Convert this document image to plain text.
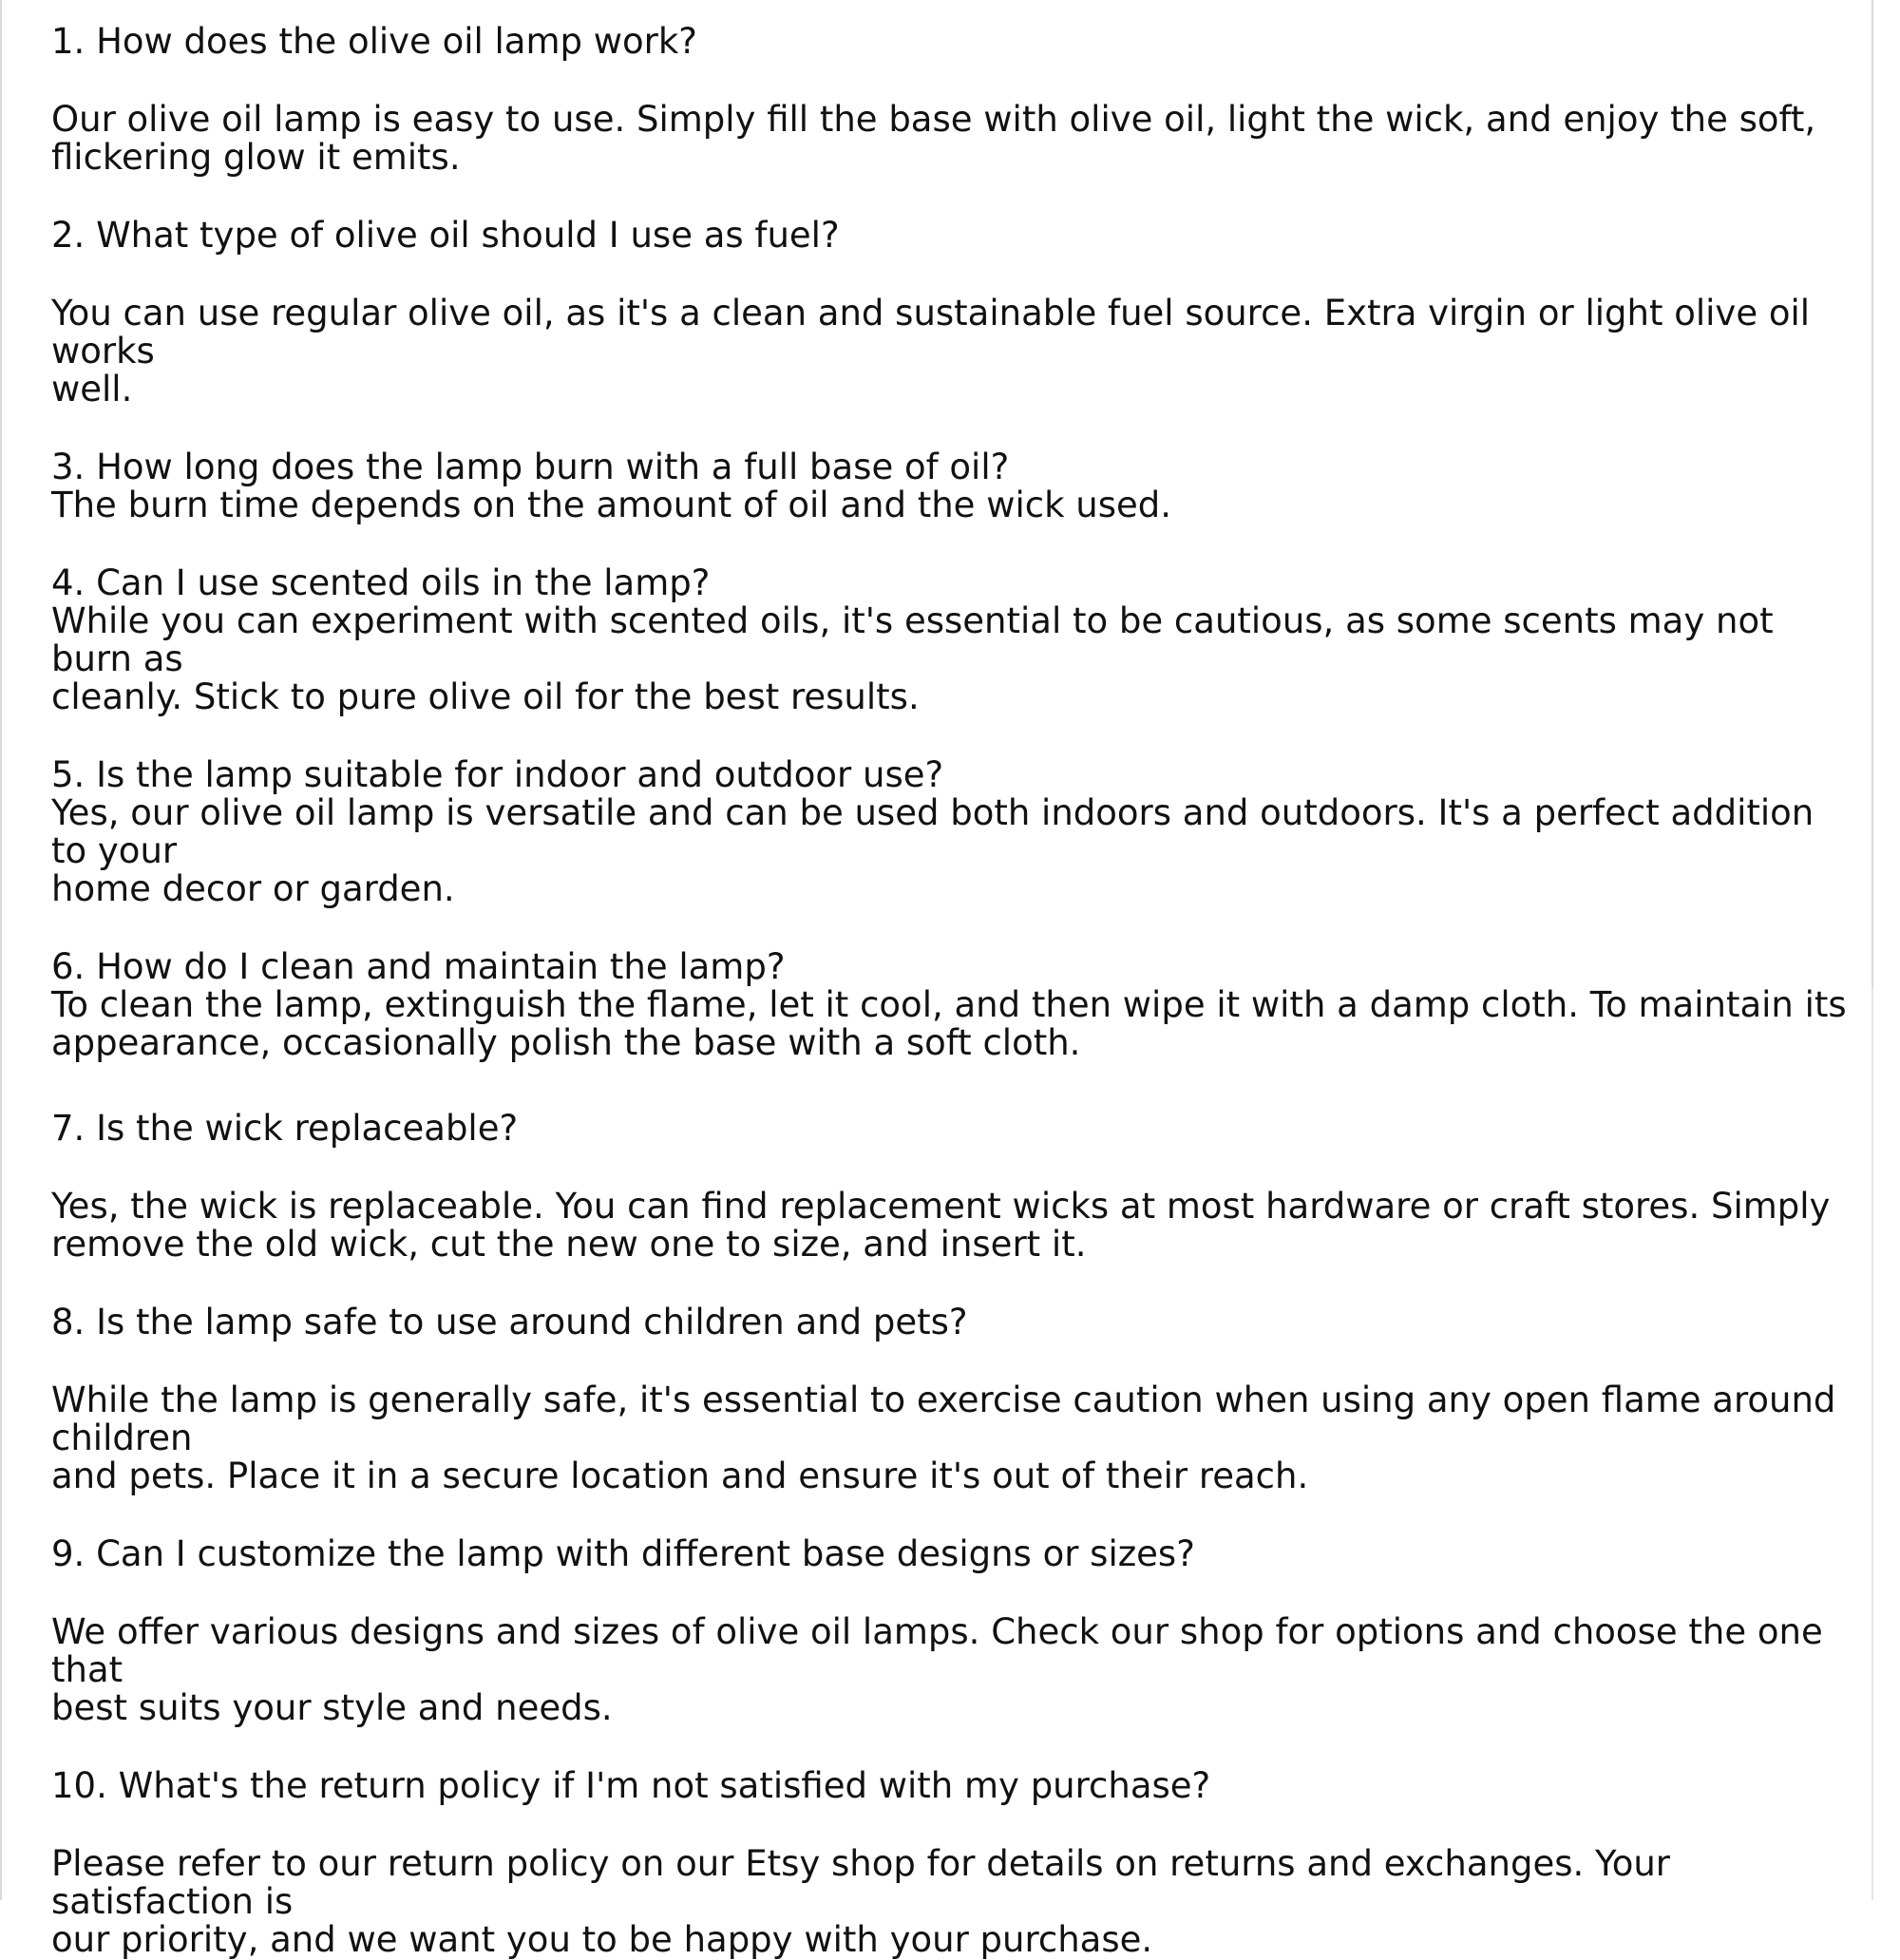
1. How does the olive oil lamp work?

Our olive oil lamp is easy to use. Simply fill the base with olive oil, light the wick, and enjoy the soft,
flickering glow it emits.

2. What type of olive oil should I use as fuel?

You can use regular olive oil, as it's a clean and sustainable fuel source. Extra virgin or light olive oil works
well.

3. How long does the lamp burn with a full base of oil?

The burn time depends on the amount of oil and the wick used.

4. Can I use scented oils in the lamp?

While you can experiment with scented oils, it's essential to be cautious, as some scents may not burn as
cleanly. Stick to pure olive oil for the best results.

5. Is the lamp suitable for indoor and outdoor use?

Yes, our olive oil lamp is versatile and can be used both indoors and outdoors. It's a perfect addition to your
home decor or garden.

6. How do I clean and maintain the lamp?

To clean the lamp, extinguish the flame, let it cool, and then wipe it with a damp cloth. To maintain its
appearance, occasionally polish the base with a soft cloth.

7. Is the wick replaceable?

Yes, the wick is replaceable. You can find replacement wicks at most hardware or craft stores. Simply
remove the old wick, cut the new one to size, and insert it.

8. Is the lamp safe to use around children and pets?

While the lamp is generally safe, it's essential to exercise caution when using any open flame around children
and pets. Place it in a secure location and ensure it's out of their reach.

9. Can I customize the lamp with different base designs or sizes?

We offer various designs and sizes of olive oil lamps. Check our shop for options and choose the one that
best suits your style and needs.

10. What's the return policy if I'm not satisfied with my purchase?

Please refer to our return policy on our Etsy shop for details on returns and exchanges. Your satisfaction is
our priority, and we want you to be happy with your purchase.
